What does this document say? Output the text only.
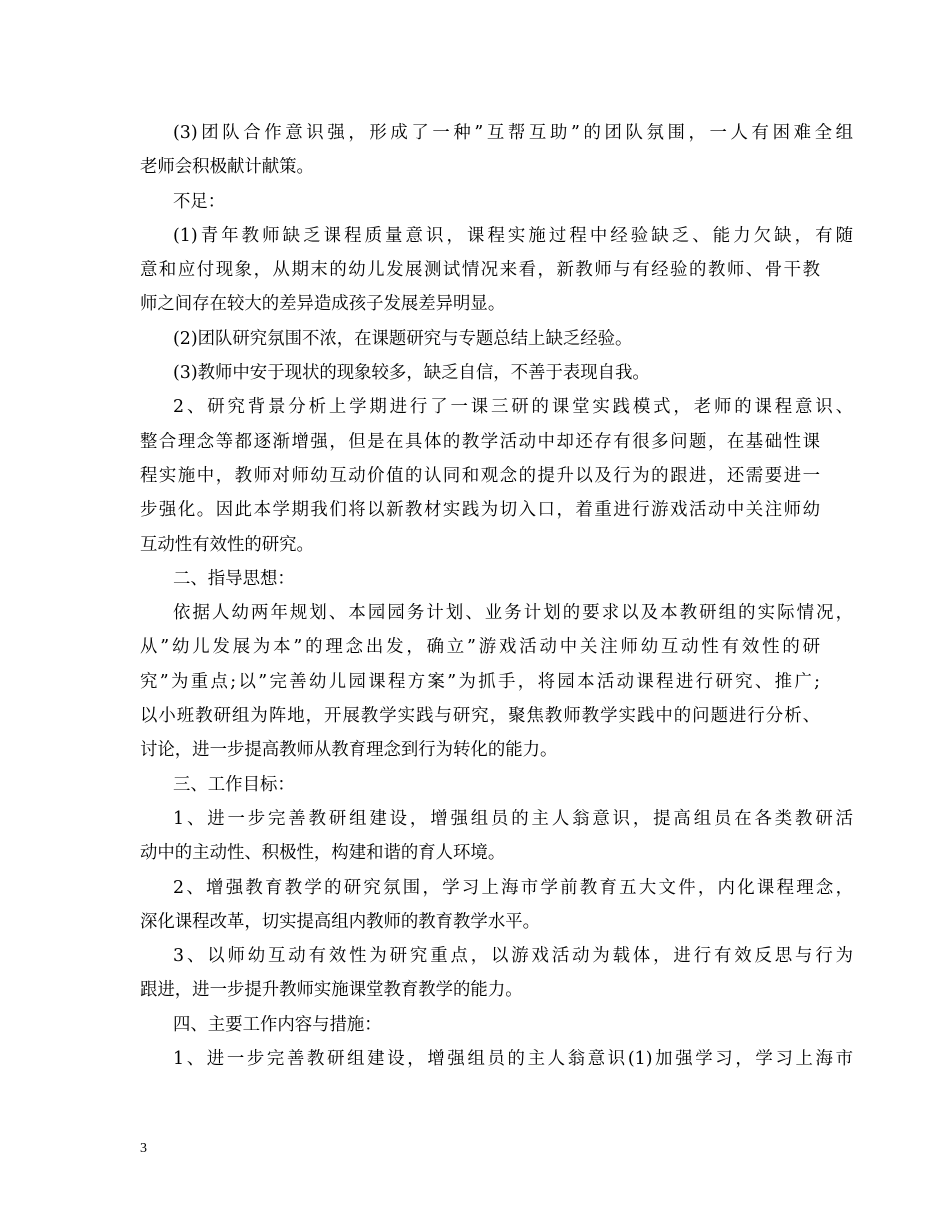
(3)团队合作意识强，形成了一种”互帮互助”的团队氛围，一人有困难全组
老师会积极献计献策。
不足：
(1)青年教师缺乏课程质量意识，课程实施过程中经验缺乏、能力欠缺，有随
意和应付现象，从期末的幼儿发展测试情况来看，新教师与有经验的教师、骨干教
师之间存在较大的差异造成孩子发展差异明显。
(2)团队研究氛围不浓，在课题研究与专题总结上缺乏经验。
(3)教师中安于现状的现象较多，缺乏自信，不善于表现自我。
2、研究背景分析上学期进行了一课三研的课堂实践模式，老师的课程意识、
整合理念等都逐渐增强，但是在具体的教学活动中却还存有很多问题，在基础性课
程实施中，教师对师幼互动价值的认同和观念的提升以及行为的跟进，还需要进一
步强化。因此本学期我们将以新教材实践为切入口，着重进行游戏活动中关注师幼
互动性有效性的研究。
二、指导思想：
依据人幼两年规划、本园园务计划、业务计划的要求以及本教研组的实际情况，
从”幼儿发展为本”的理念出发，确立”游戏活动中关注师幼互动性有效性的研
究”为重点;以”完善幼儿园课程方案”为抓手，将园本活动课程进行研究、推广;
以小班教研组为阵地，开展教学实践与研究，聚焦教师教学实践中的问题进行分析、
讨论，进一步提高教师从教育理念到行为转化的能力。
三、工作目标：
1、进一步完善教研组建设，增强组员的主人翁意识，提高组员在各类教研活
动中的主动性、积极性，构建和谐的育人环境。
2、增强教育教学的研究氛围，学习上海市学前教育五大文件，内化课程理念，
深化课程改革，切实提高组内教师的教育教学水平。
3、以师幼互动有效性为研究重点，以游戏活动为载体，进行有效反思与行为
跟进，进一步提升教师实施课堂教育教学的能力。
四、主要工作内容与措施：
1、进一步完善教研组建设，增强组员的主人翁意识(1)加强学习，学习上海市
3
